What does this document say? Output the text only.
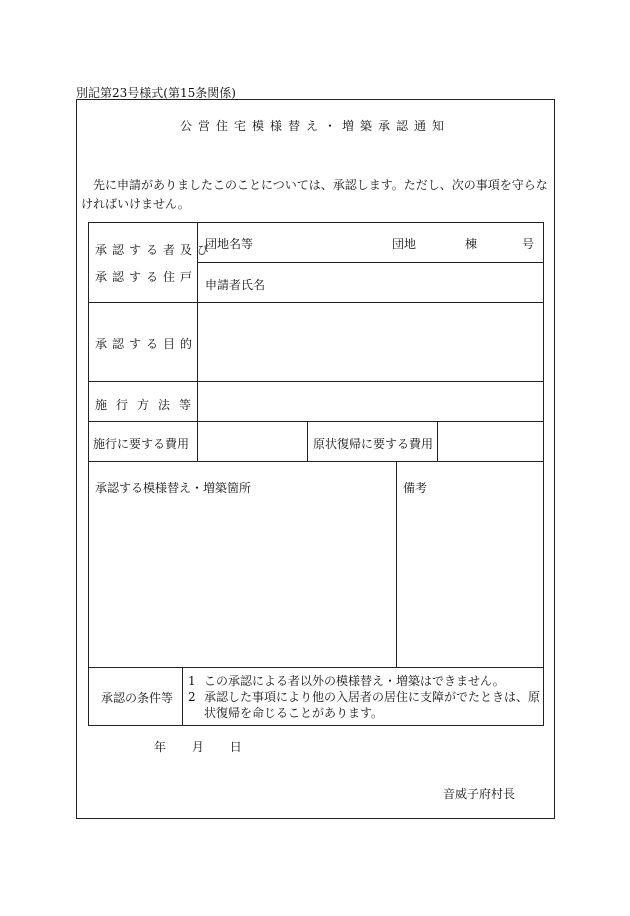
別記第23号様式(第15条関係)
公営住宅模様替え・増築承認通知
先に申請がありましたこのことについては、承認します。ただし、次の事項を守らなければいけません。
承認する者及び
承認する住戸
団地名等	団地	棟	号
申請者氏名
承認する目的
施行方法等
施行に要する費用	原状復帰に要する費用
承認する模様替え・増築箇所	備考
承認の条件等
1 この承認による者以外の模様替え・増築はできません。
2 承認した事項により他の入居者の居住に支障がでたときは、原状復帰を命じることがあります。
年 月 日
音威子府村長
